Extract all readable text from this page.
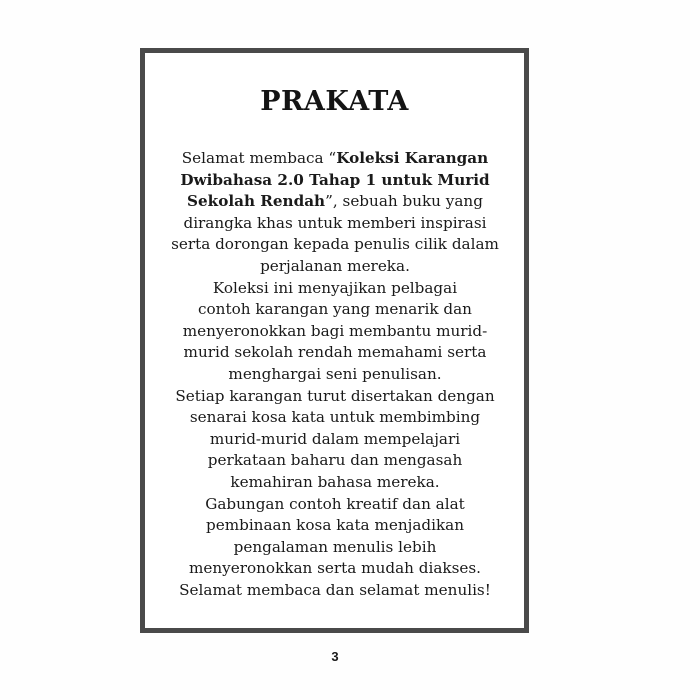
PRAKATA
Selamat membaca “Koleksi Karangan
Dwibahasa 2.0 Tahap 1 untuk Murid
Sekolah Rendah”, sebuah buku yang
dirangka khas untuk memberi inspirasi
serta dorongan kepada penulis cilik dalam
perjalanan mereka.
Koleksi ini menyajikan pelbagai
contoh karangan yang menarik dan
menyeronokkan bagi membantu murid-
murid sekolah rendah memahami serta
menghargai seni penulisan.
Setiap karangan turut disertakan dengan
senarai kosa kata untuk membimbing
murid-murid dalam mempelajari
perkataan baharu dan mengasah
kemahiran bahasa mereka.
Gabungan contoh kreatif dan alat
pembinaan kosa kata menjadikan
pengalaman menulis lebih
menyeronokkan serta mudah diakses.
Selamat membaca dan selamat menulis!
3
